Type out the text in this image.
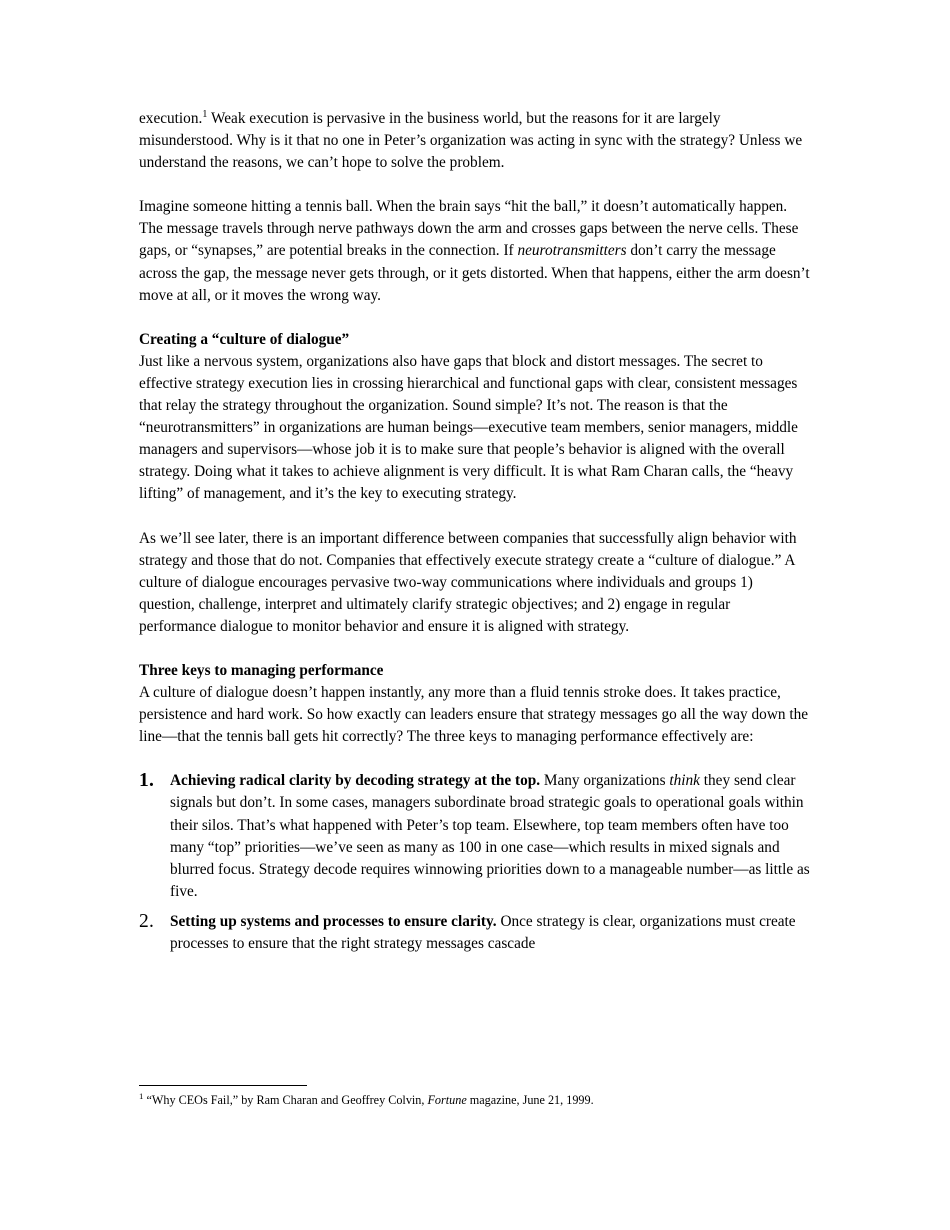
execution.$^1$ Weak execution is pervasive in the business world, but the reasons for it are largely misunderstood. Why is it that no one in Peter’s organization was acting in sync with the strategy? Unless we understand the reasons, we can’t hope to solve the problem.

Imagine someone hitting a tennis ball. When the brain says “hit the ball,” it doesn’t automatically happen. The message travels through nerve pathways down the arm and crosses gaps between the nerve cells. These gaps, or “synapses,” are potential breaks in the connection. If neurotransmitters don’t carry the message across the gap, the message never gets through, or it gets distorted. When that happens, either the arm doesn’t move at all, or it moves the wrong way.

Creating a “culture of dialogue”

Just like a nervous system, organizations also have gaps that block and distort messages. The secret to effective strategy execution lies in crossing hierarchical and functional gaps with clear, consistent messages that relay the strategy throughout the organization. Sound simple? It’s not. The reason is that the “neurotransmitters” in organizations are human beings—executive team members, senior managers, middle managers and supervisors—whose job it is to make sure that people’s behavior is aligned with the overall strategy. Doing what it takes to achieve alignment is very difficult. It is what Ram Charan calls, the “heavy lifting” of management, and it’s the key to executing strategy.

As we’ll see later, there is an important difference between companies that successfully align behavior with strategy and those that do not. Companies that effectively execute strategy create a “culture of dialogue.” A culture of dialogue encourages pervasive two-way communications where individuals and groups 1) question, challenge, interpret and ultimately clarify strategic objectives; and 2) engage in regular performance dialogue to monitor behavior and ensure it is aligned with strategy.

Three keys to managing performance

A culture of dialogue doesn’t happen instantly, any more than a fluid tennis stroke does. It takes practice, persistence and hard work. So how exactly can leaders ensure that strategy messages go all the way down the line—that the tennis ball gets hit correctly? The three keys to managing performance effectively are:

1.	Achieving radical clarity by decoding strategy at the top. Many organizations think they send clear signals but don’t. In some cases, managers subordinate broad strategic goals to operational goals within their silos. That’s what happened with Peter’s top team. Elsewhere, top team members often have too many “top” priorities—we’ve seen as many as 100 in one case—which results in mixed signals and blurred focus. Strategy decode requires winnowing priorities down to a manageable number—as little as five.
2.	Setting up systems and processes to ensure clarity. Once strategy is clear, organizations must create processes to ensure that the right strategy messages cascade

$^1$ “Why CEOs Fail,” by Ram Charan and Geoffrey Colvin, Fortune magazine, June 21, 1999.
